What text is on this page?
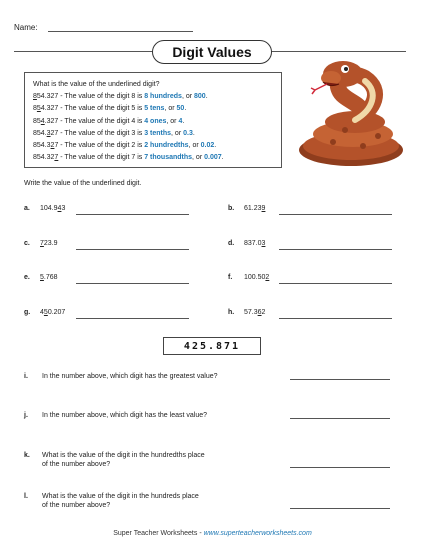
Name:
Digit Values
What is the value of the underlined digit?
854.327 - The value of the digit 8 is 8 hundreds, or 800.
854.327 - The value of the digit 5 is 5 tens, or 50.
854.327 - The value of the digit 4 is 4 ones, or 4.
854.327 - The value of the digit 3 is 3 tenths, or 0.3.
854.327 - The value of the digit 2 is 2 hundredths, or 0.02.
854.327 - The value of the digit 7 is 7 thousandths, or 0.007.
Write the value of the underlined digit.
a. 104.943	b. 61.239
c. 723.9	d. 837.03
e. 5.768	f. 100.502
g. 450.207	h. 57.362
425.871
i. In the number above, which digit has the greatest value?
j. In the number above, which digit has the least value?
k. What is the value of the digit in the hundredths place
of the number above?
l. What is the value of the digit in the hundreds place
of the number above?
Super Teacher Worksheets - www.superteacherworksheets.com
